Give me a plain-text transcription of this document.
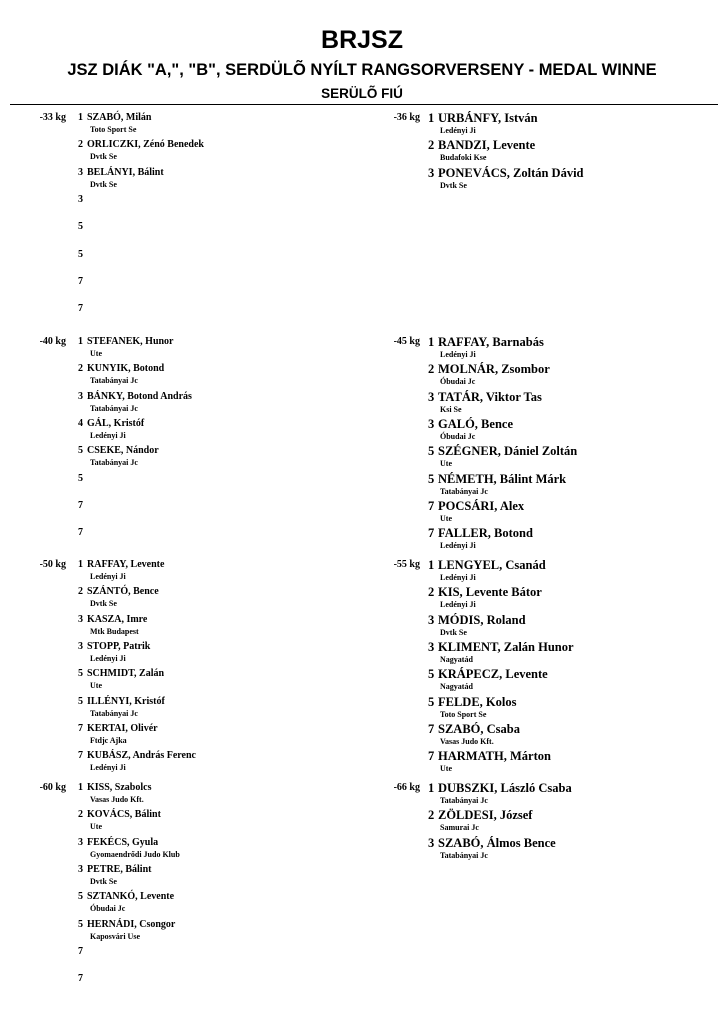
BRJSZ
JSZ DIÁK "A,", "B", SERDÜLÕ NYÍLT RANGSORVERSENY - MEDAL WINNE
SERÜLÕ FIÚ
-33 kg 1 SZABÓ, Milán
Toto Sport Se
2 ORLICZKI, Zénó Benedek
Dvtk Se
3 BELÁNYI, Bálint
Dvtk Se
3
5
5
7
7
-36 kg 1 URBÁNFY, István
Ledényi Ji
2 BANDZI, Levente
Budafoki Kse
3 PONEVÁCS, Zoltán Dávid
Dvtk Se
-40 kg 1 STEFANEK, Hunor
Ute
2 KUNYIK, Botond
Tatabányai Jc
3 BÁNKY, Botond András
Tatabányai Jc
4 GÁL, Kristóf
Ledényi Ji
5 CSEKE, Nándor
Tatabányai Jc
5
7
7
-45 kg 1 RAFFAY, Barnabás
Ledényi Ji
2 MOLNÁR, Zsombor
Óbudai Jc
3 TATÁR, Viktor Tas
Ksi Se
3 GALÓ, Bence
Óbudai Jc
5 SZÉGNER, Dániel Zoltán
Ute
5 NÉMETH, Bálint Márk
Tatabányai Jc
7 POCSÁRI, Alex
Ute
7 FALLER, Botond
Ledényi Ji
-50 kg 1 RAFFAY, Levente
Ledényi Ji
2 SZÁNTÓ, Bence
Dvtk Se
3 KASZA, Imre
Mtk Budapest
3 STOPP, Patrik
Ledényi Ji
5 SCHMIDT, Zalán
Ute
5 ILLÉNYI, Kristóf
Tatabányai Jc
7 KERTAI, Olivér
Ftdjc Ajka
7 KUBÁSZ, András Ferenc
Ledényi Ji
-55 kg 1 LENGYEL, Csanád
Ledényi Ji
2 KIS, Levente Bátor
Ledényi Ji
3 MÓDIS, Roland
Dvtk Se
3 KLIMENT, Zalán Hunor
Nagyatád
5 KRÁPECZ, Levente
Nagyatád
5 FELDE, Kolos
Toto Sport Se
7 SZABÓ, Csaba
Vasas Judo Kft.
7 HARMATH, Márton
Ute
-60 kg 1 KISS, Szabolcs
Vasas Judo Kft.
2 KOVÁCS, Bálint
Ute
3 FEKÉCS, Gyula
Gyomaendrődi Judo Klub
3 PETRE, Bálint
Dvtk Se
5 SZTANKÓ, Levente
Óbudai Jc
5 HERNÁDI, Csongor
Kaposvári Use
7
7
-66 kg 1 DUBSZKI, László Csaba
Tatabányai Jc
2 ZÖLDESI, József
Samurai Jc
3 SZABÓ, Álmos Bence
Tatabányai Jc
